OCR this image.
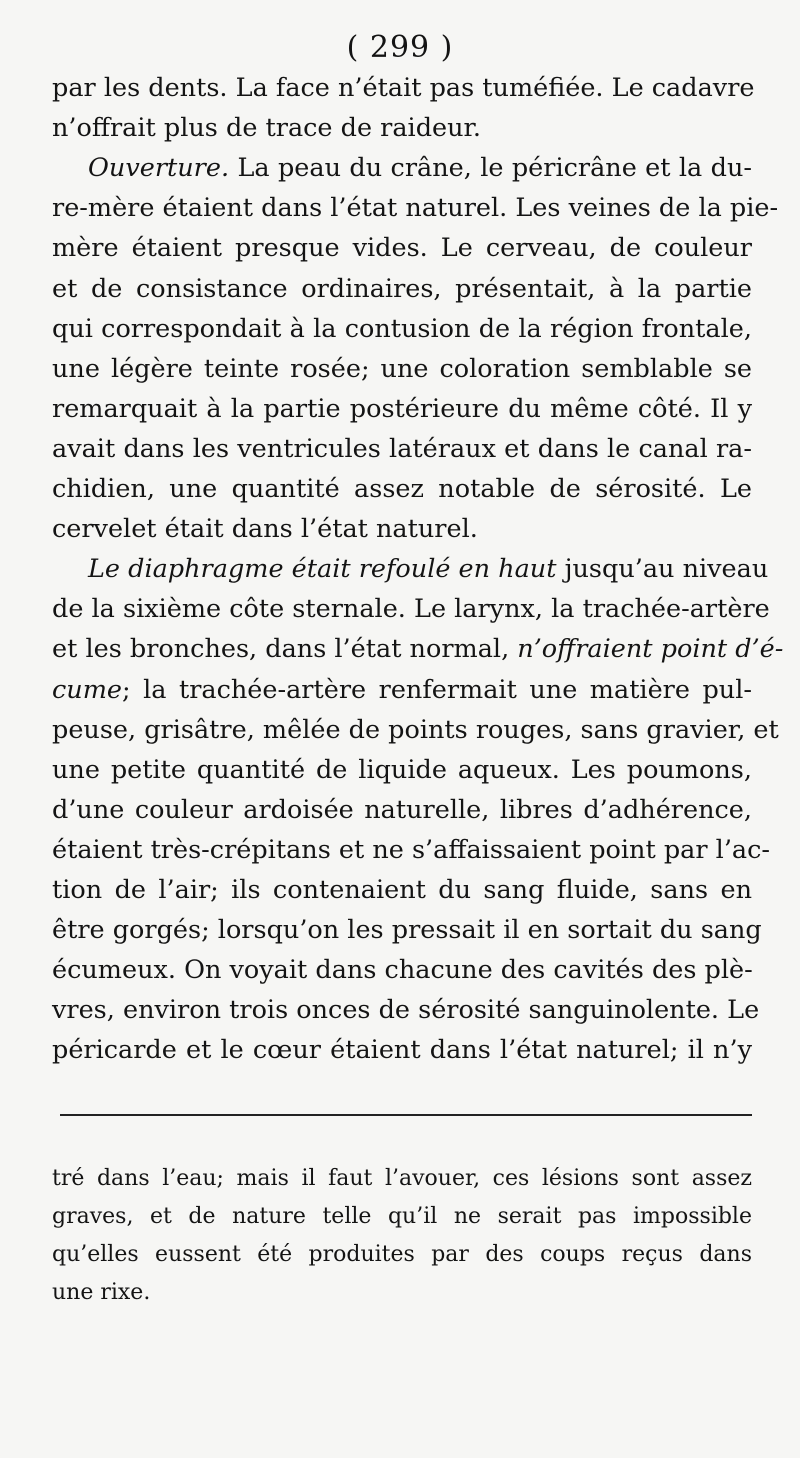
( 299 )
par les dents. La face n’était pas tuméfiée. Le cadavre
n’offrait plus de trace de raideur.
Ouverture. La peau du crâne, le péricrâne et la du-
re-mère étaient dans l’état naturel. Les veines de la pie-
mère étaient presque vides. Le cerveau, de couleur
et de consistance ordinaires, présentait, à la partie
qui correspondait à la contusion de la région frontale,
une légère teinte rosée; une coloration semblable se
remarquait à la partie postérieure du même côté. Il y
avait dans les ventricules latéraux et dans le canal ra-
chidien, une quantité assez notable de sérosité. Le
cervelet était dans l’état naturel.
Le diaphragme était refoulé en haut jusqu’au niveau
de la sixième côte sternale. Le larynx, la trachée-artère
et les bronches, dans l’état normal, n’offraient point d’é-
cume; la trachée-artère renfermait une matière pul-
peuse, grisâtre, mêlée de points rouges, sans gravier, et
une petite quantité de liquide aqueux. Les poumons,
d’une couleur ardoisée naturelle, libres d’adhérence,
étaient très-crépitans et ne s’affaissaient point par l’ac-
tion de l’air; ils contenaient du sang fluide, sans en
être gorgés; lorsqu’on les pressait il en sortait du sang
écumeux. On voyait dans chacune des cavités des plè-
vres, environ trois onces de sérosité sanguinolente. Le
péricarde et le cœur étaient dans l’état naturel; il n’y
tré dans l’eau; mais il faut l’avouer, ces lésions sont assez
graves, et de nature telle qu’il ne serait pas impossible
qu’elles eussent été produites par des coups reçus dans
une rixe.
